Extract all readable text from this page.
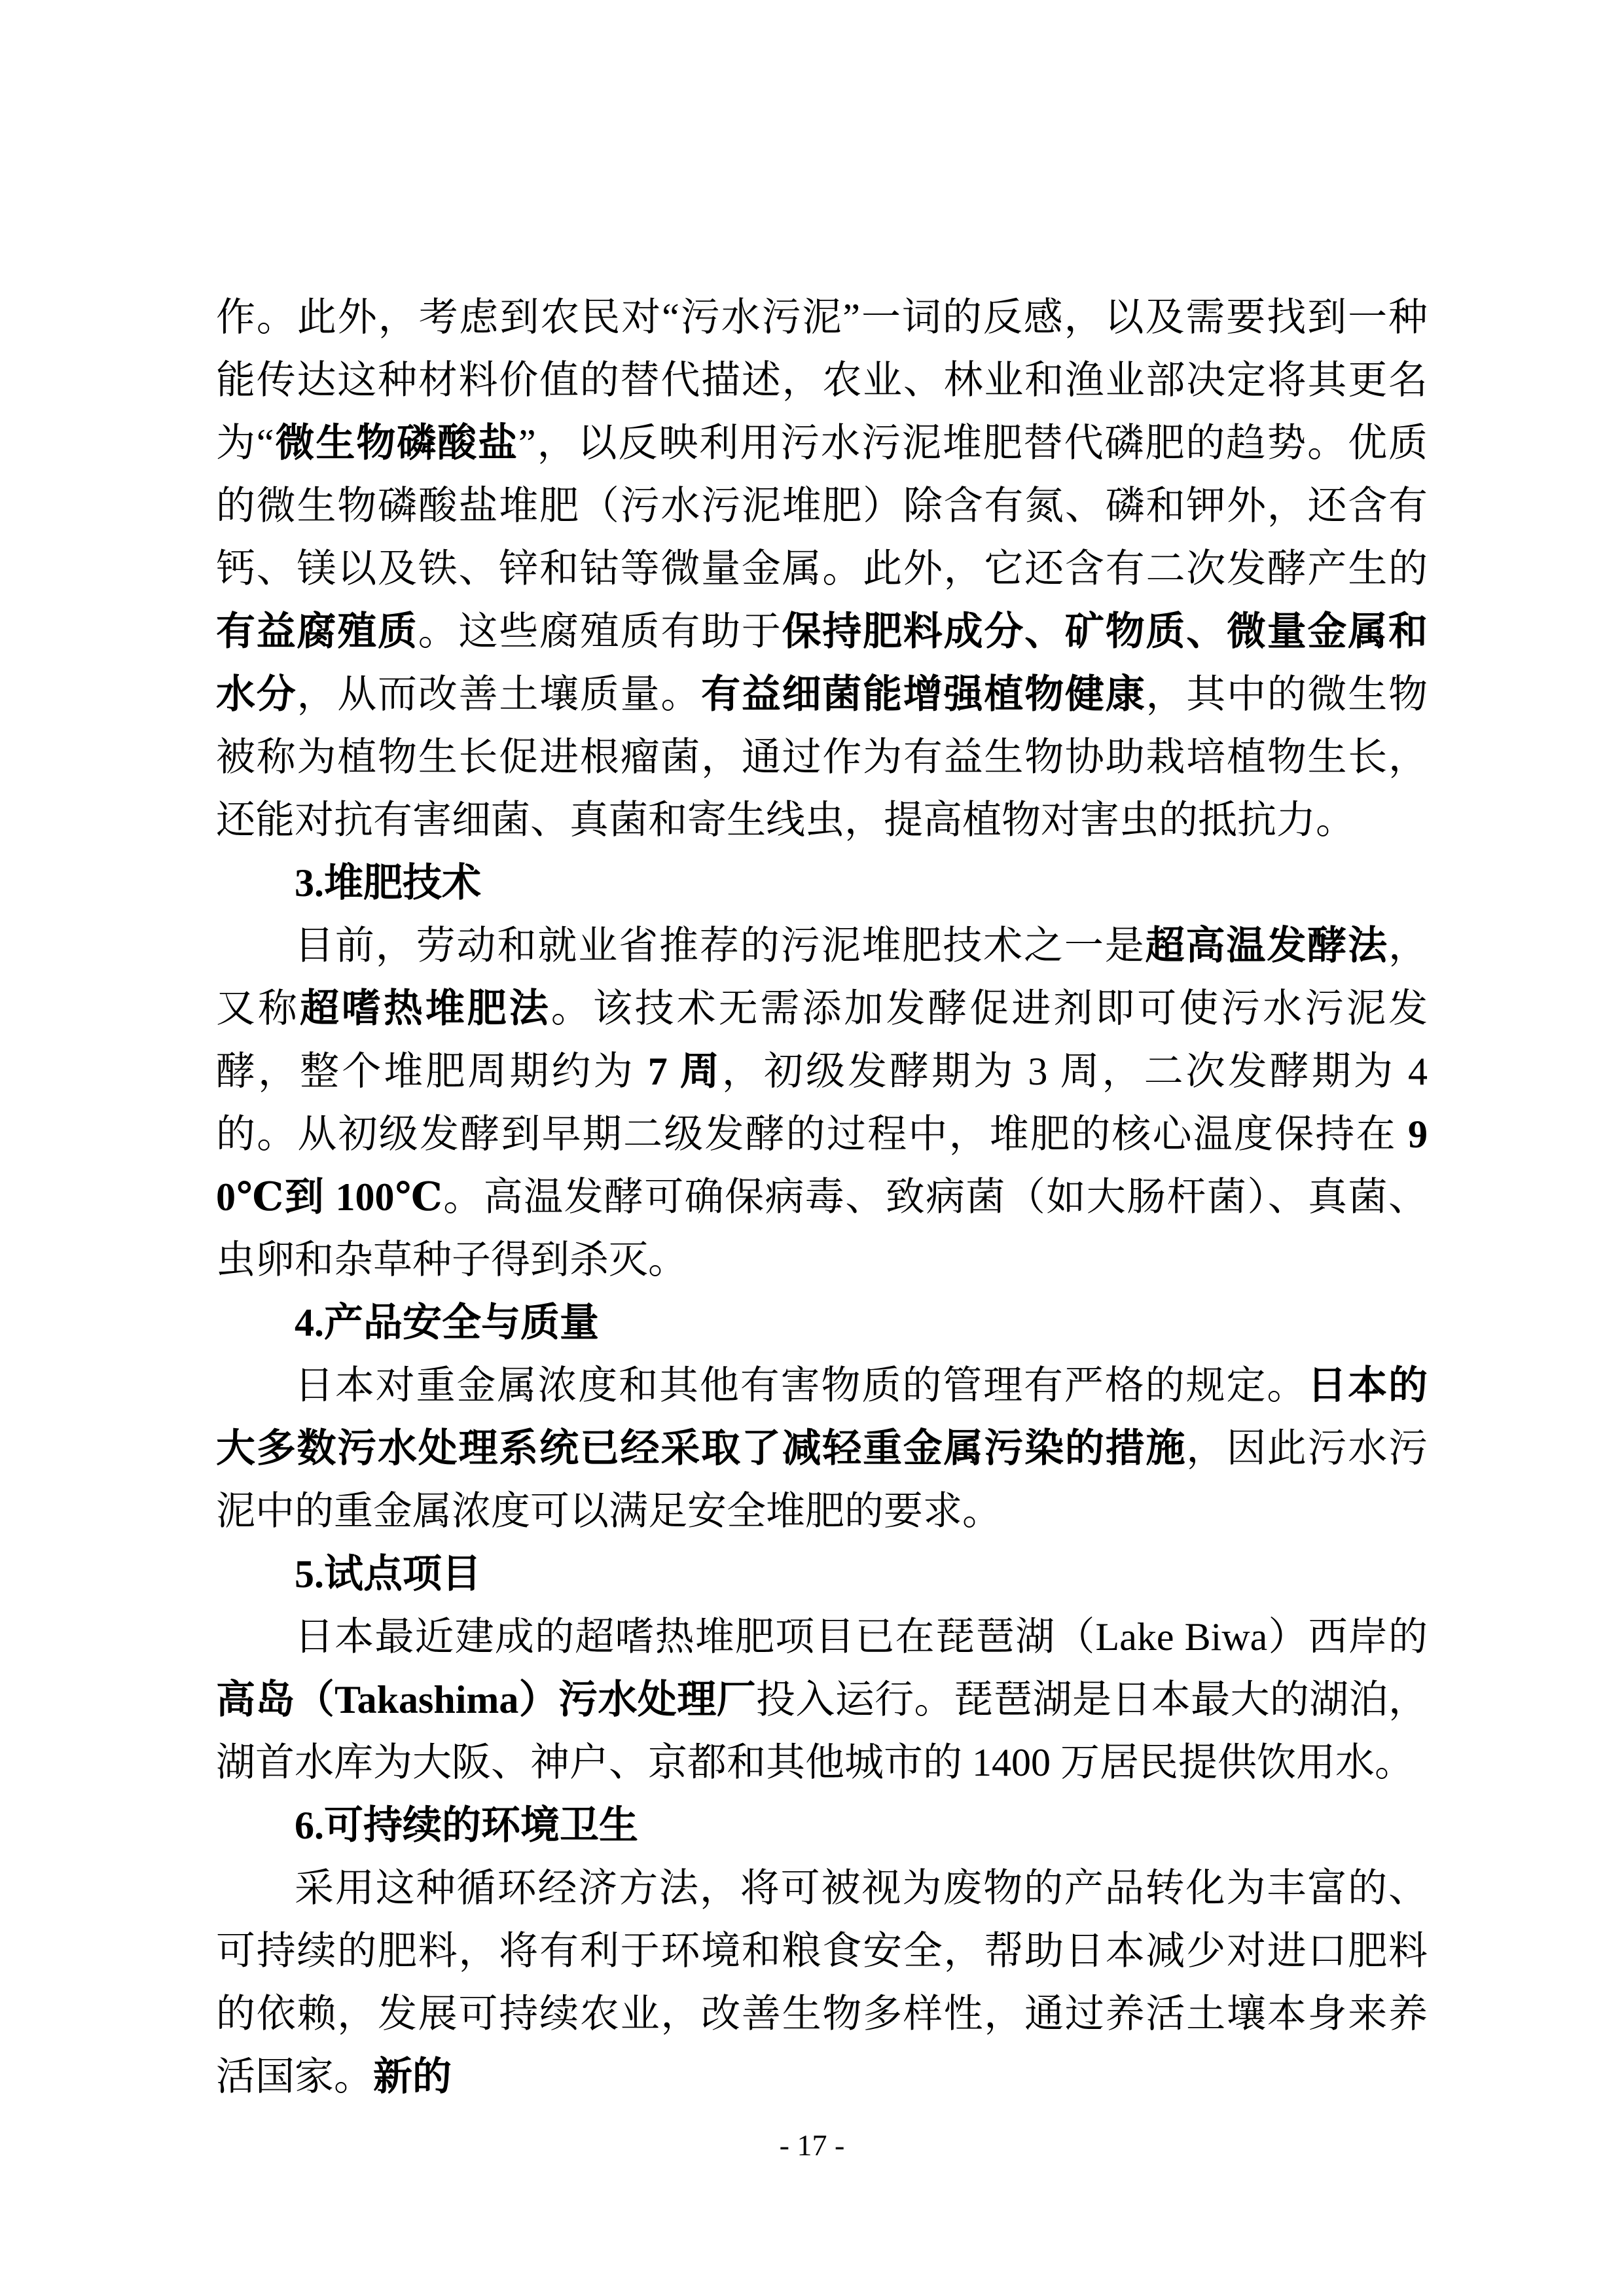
作。此外，考虑到农民对“污水污泥”一词的反感，以及需要找到一种能传达这种材料价值的替代描述，农业、林业和渔业部决定将其更名为“微生物磷酸盐”，以反映利用污水污泥堆肥替代磷肥的趋势。优质的微生物磷酸盐堆肥（污水污泥堆肥）除含有氮、磷和钾外，还含有钙、镁以及铁、锌和钴等微量金属。此外，它还含有二次发酵产生的有益腐殖质。这些腐殖质有助于保持肥料成分、矿物质、微量金属和水分，从而改善土壤质量。有益细菌能增强植物健康，其中的微生物被称为植物生长促进根瘤菌，通过作为有益生物协助栽培植物生长，还能对抗有害细菌、真菌和寄生线虫，提高植物对害虫的抵抗力。

3.堆肥技术

目前，劳动和就业省推荐的污泥堆肥技术之一是超高温发酵法，又称超嗜热堆肥法。该技术无需添加发酵促进剂即可使污水污泥发酵，整个堆肥周期约为 7 周，初级发酵期为 3 周，二次发酵期为 4 的。从初级发酵到早期二级发酵的过程中，堆肥的核心温度保持在 90℃到 100℃。高温发酵可确保病毒、致病菌（如大肠杆菌）、真菌、虫卵和杂草种子得到杀灭。

4.产品安全与质量

日本对重金属浓度和其他有害物质的管理有严格的规定。日本的大多数污水处理系统已经采取了减轻重金属污染的措施，因此污水污泥中的重金属浓度可以满足安全堆肥的要求。

5.试点项目

日本最近建成的超嗜热堆肥项目已在琵琶湖（Lake Biwa）西岸的高岛（Takashima）污水处理厂投入运行。琵琶湖是日本最大的湖泊，湖首水库为大阪、神户、京都和其他城市的 1400 万居民提供饮用水。

6.可持续的环境卫生

采用这种循环经济方法，将可被视为废物的产品转化为丰富的、可持续的肥料，将有利于环境和粮食安全，帮助日本减少对进口肥料的依赖，发展可持续农业，改善生物多样性，通过养活土壤本身来养活国家。新的

- 17 -
